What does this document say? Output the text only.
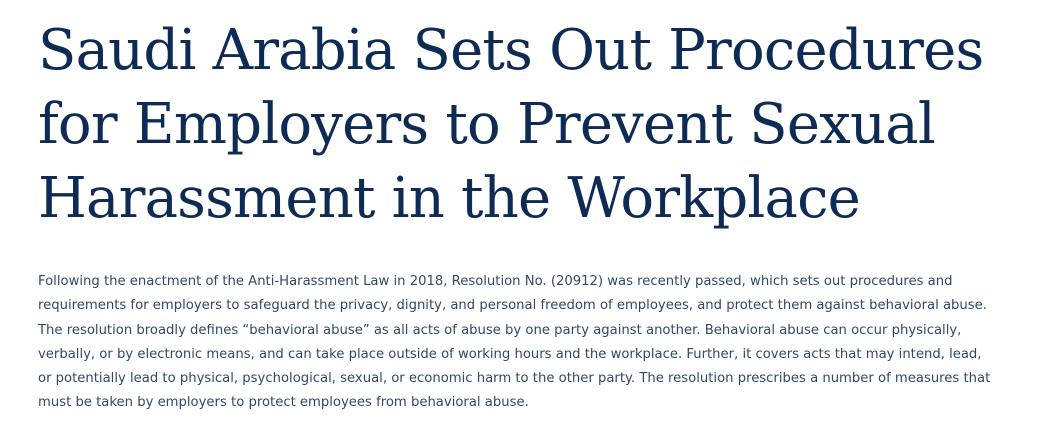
Saudi Arabia Sets Out Procedures for Employers to Prevent Sexual Harassment in the Workplace

Following the enactment of the Anti-Harassment Law in 2018, Resolution No. (20912) was recently passed, which sets out procedures and requirements for employers to safeguard the privacy, dignity, and personal freedom of employees, and protect them against behavioral abuse. The resolution broadly defines “behavioral abuse” as all acts of abuse by one party against another. Behavioral abuse can occur physically, verbally, or by electronic means, and can take place outside of working hours and the workplace. Further, it covers acts that may intend, lead, or potentially lead to physical, psychological, sexual, or economic harm to the other party. The resolution prescribes a number of measures that must be taken by employers to protect employees from behavioral abuse.
